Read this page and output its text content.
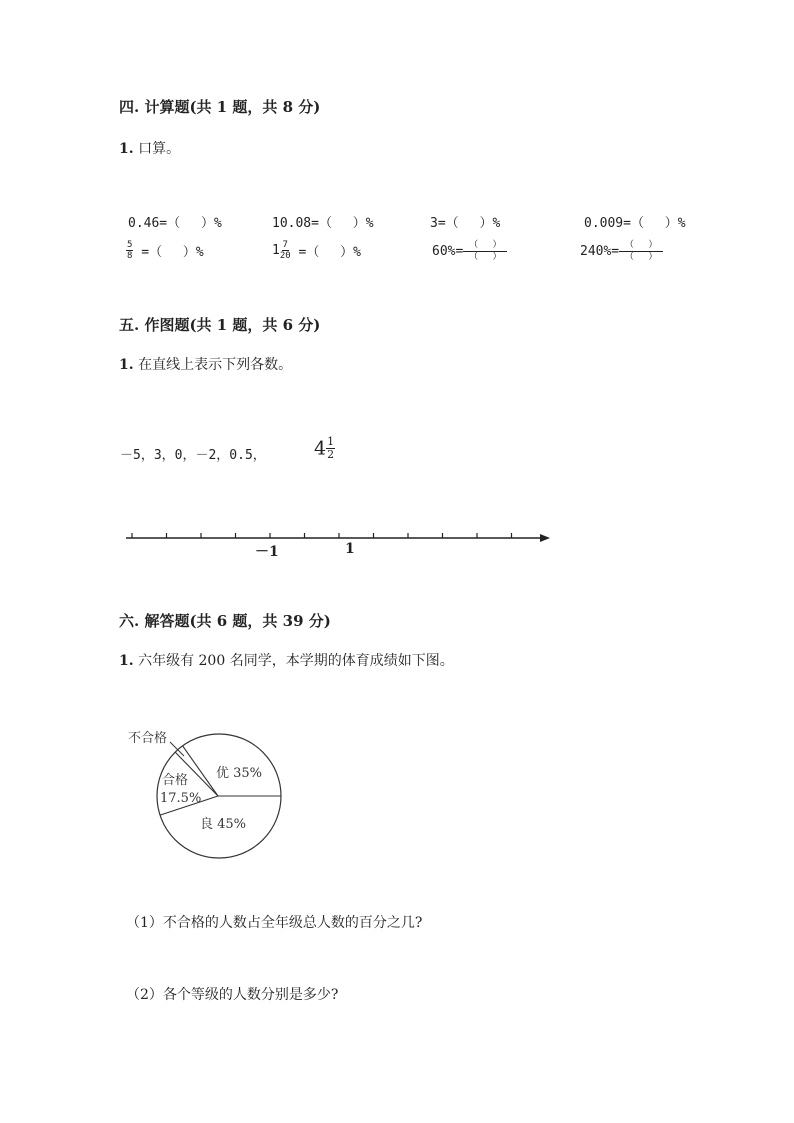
四. 计算题(共 1 题，共 8 分)
1. 口算。
0.46=（　 ）%	10.08=（　 ）%	3=（　 ）%	0.009=（　 ）%
$\frac{5}{8}$ =（　 ）%	$1 \frac{7}{20}$ =（　 ）%	$60\%= \frac{( )}{( )}$	$240\%= \frac{( )}{( )}$
五. 作图题(共 1 题，共 6 分)
1. 在直线上表示下列各数。
－5，3，0，－2，0.5，	$4 \frac{1}{2}$
－1	1
六. 解答题(共 6 题，共 39 分)
1. 六年级有 200 名同学，本学期的体育成绩如下图。
优 35%
良 45%
合格
17.5%
不合格
（1）不合格的人数占全年级总人数的百分之几?
（2）各个等级的人数分别是多少?
